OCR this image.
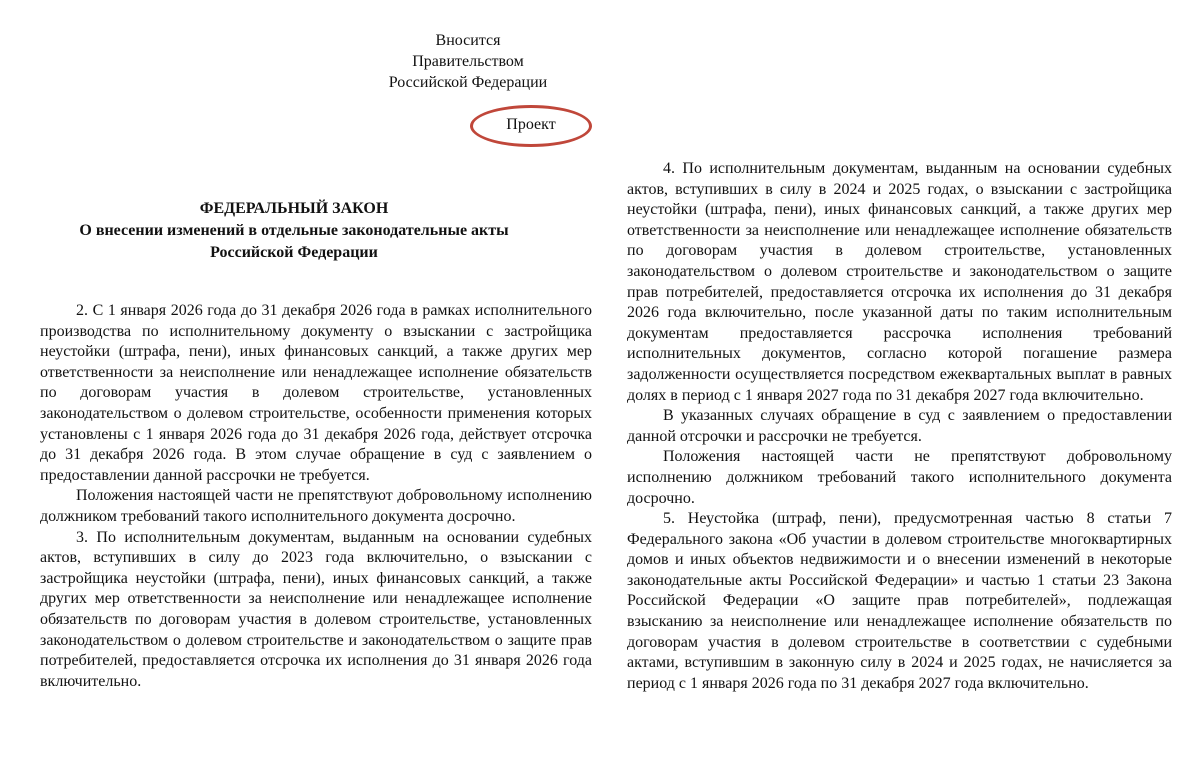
Вносится
Правительством
Российской Федерации
Проект
ФЕДЕРАЛЬНЫЙ ЗАКОН
О внесении изменений в отдельные законодательные акты
Российской Федерации

2. С 1 января 2026 года до 31 декабря 2026 года в рамках исполнительного производства по исполнительному документу о взыскании с застройщика неустойки (штрафа, пени), иных финансовых санкций, а также других мер ответственности за неисполнение или ненадлежащее исполнение обязательств по договорам участия в долевом строительстве, установленных законодательством о долевом строительстве, особенности применения которых установлены с 1 января 2026 года до 31 декабря 2026 года, действует отсрочка до 31 декабря 2026 года. В этом случае обращение в суд с заявлением о предоставлении данной рассрочки не требуется.

Положения настоящей части не препятствуют добровольному исполнению должником требований такого исполнительного документа досрочно.

3. По исполнительным документам, выданным на основании судебных актов, вступивших в силу до 2023 года включительно, о взыскании с застройщика неустойки (штрафа, пени), иных финансовых санкций, а также других мер ответственности за неисполнение или ненадлежащее исполнение обязательств по договорам участия в долевом строительстве, установленных законодательством о долевом строительстве и законодательством о защите прав потребителей, предоставляется отсрочка их исполнения до 31 января 2026 года включительно.

4. По исполнительным документам, выданным на основании судебных актов, вступивших в силу в 2024 и 2025 годах, о взыскании с застройщика неустойки (штрафа, пени), иных финансовых санкций, а также других мер ответственности за неисполнение или ненадлежащее исполнение обязательств по договорам участия в долевом строительстве, установленных законодательством о долевом строительстве и законодательством о защите прав потребителей, предоставляется отсрочка их исполнения до 31 декабря 2026 года включительно, после указанной даты по таким исполнительным документам предоставляется рассрочка исполнения требований исполнительных документов, согласно которой погашение размера задолженности осуществляется посредством ежеквартальных выплат в равных долях в период с 1 января 2027 года по 31 декабря 2027 года включительно.

В указанных случаях обращение в суд с заявлением о предоставлении данной отсрочки и рассрочки не требуется.

Положения настоящей части не препятствуют добровольному исполнению должником требований такого исполнительного документа досрочно.

5. Неустойка (штраф, пени), предусмотренная частью 8 статьи 7 Федерального закона «Об участии в долевом строительстве многоквартирных домов и иных объектов недвижимости и о внесении изменений в некоторые законодательные акты Российской Федерации» и частью 1 статьи 23 Закона Российской Федерации «О защите прав потребителей», подлежащая взысканию за неисполнение или ненадлежащее исполнение обязательств по договорам участия в долевом строительстве в соответствии с судебными актами, вступившим в законную силу в 2024 и 2025 годах, не начисляется за период с 1 января 2026 года по 31 декабря 2027 года включительно.
